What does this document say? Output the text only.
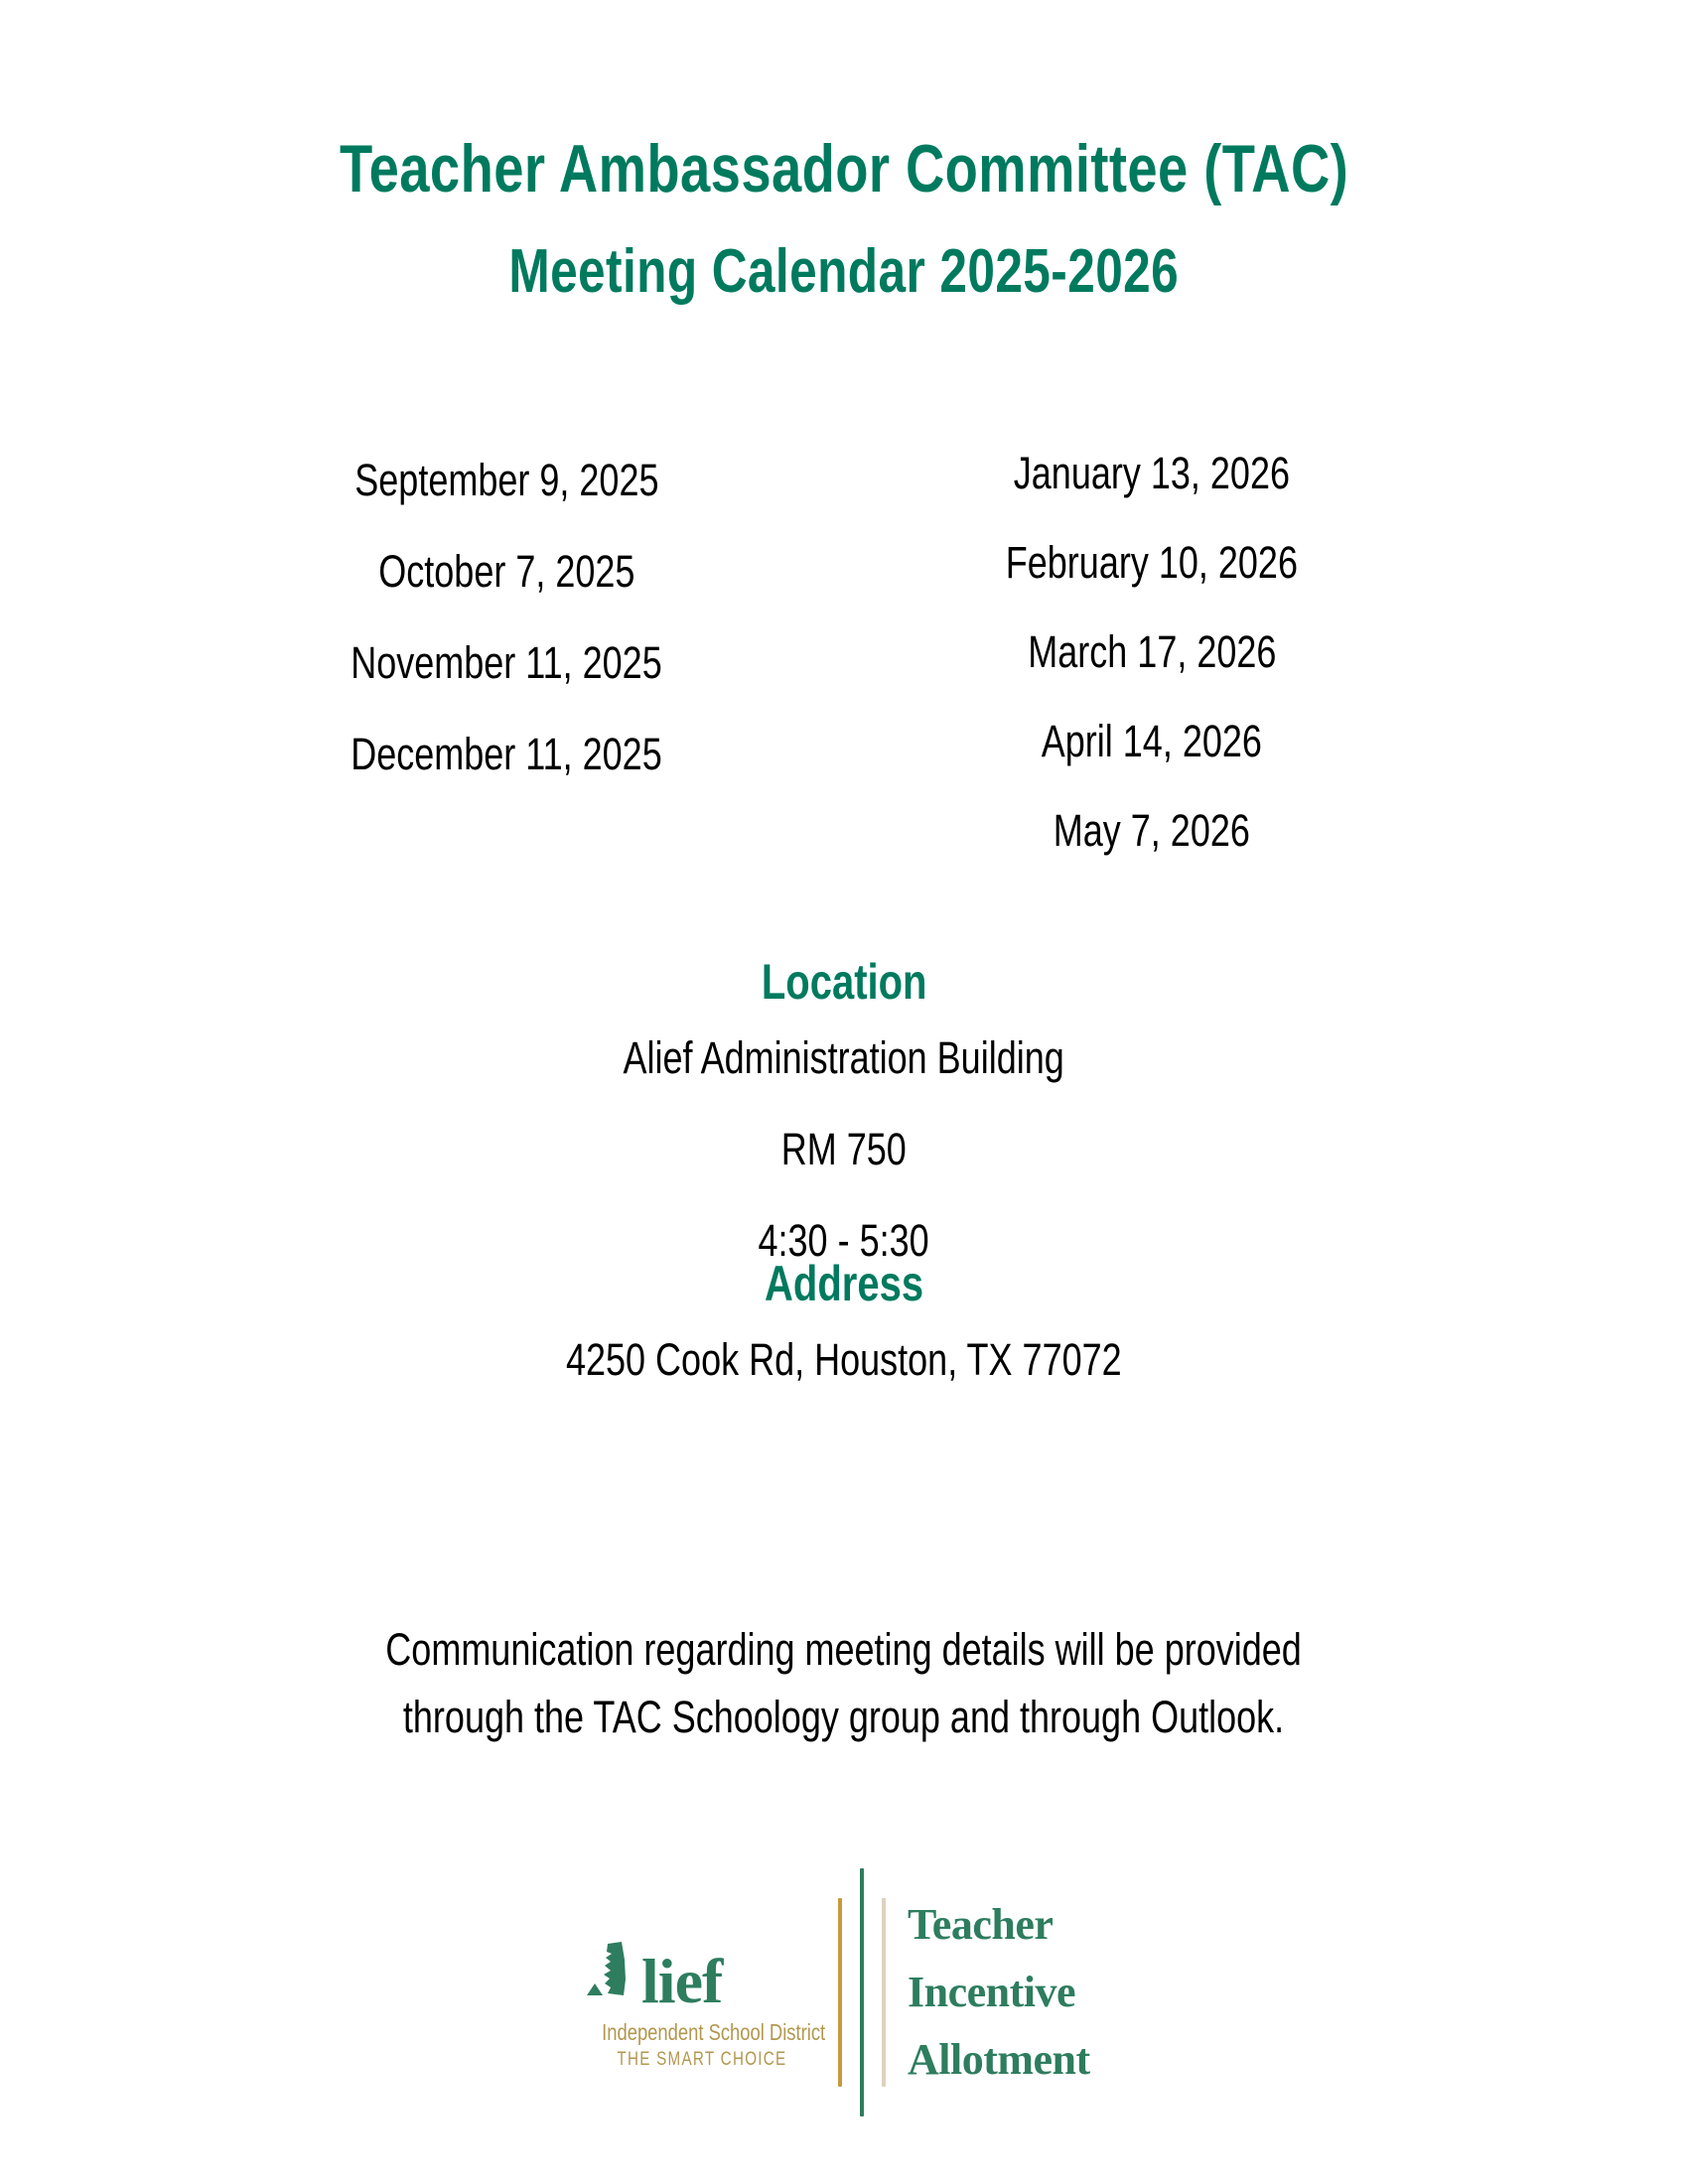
Teacher Ambassador Committee (TAC)
Meeting Calendar 2025-2026
September 9, 2025
October 7, 2025
November 11, 2025
December 11, 2025
January 13, 2026
February 10, 2026
March 17, 2026
April 14, 2026
May 7, 2026
Location
Alief Administration Building
RM 750
4:30 - 5:30
Address
4250 Cook Rd, Houston, TX 77072
Communication regarding meeting details will be provided
through the TAC Schoology group and through Outlook.
lief
Independent School District
THE SMART CHOICE
Teacher
Incentive
Allotment
